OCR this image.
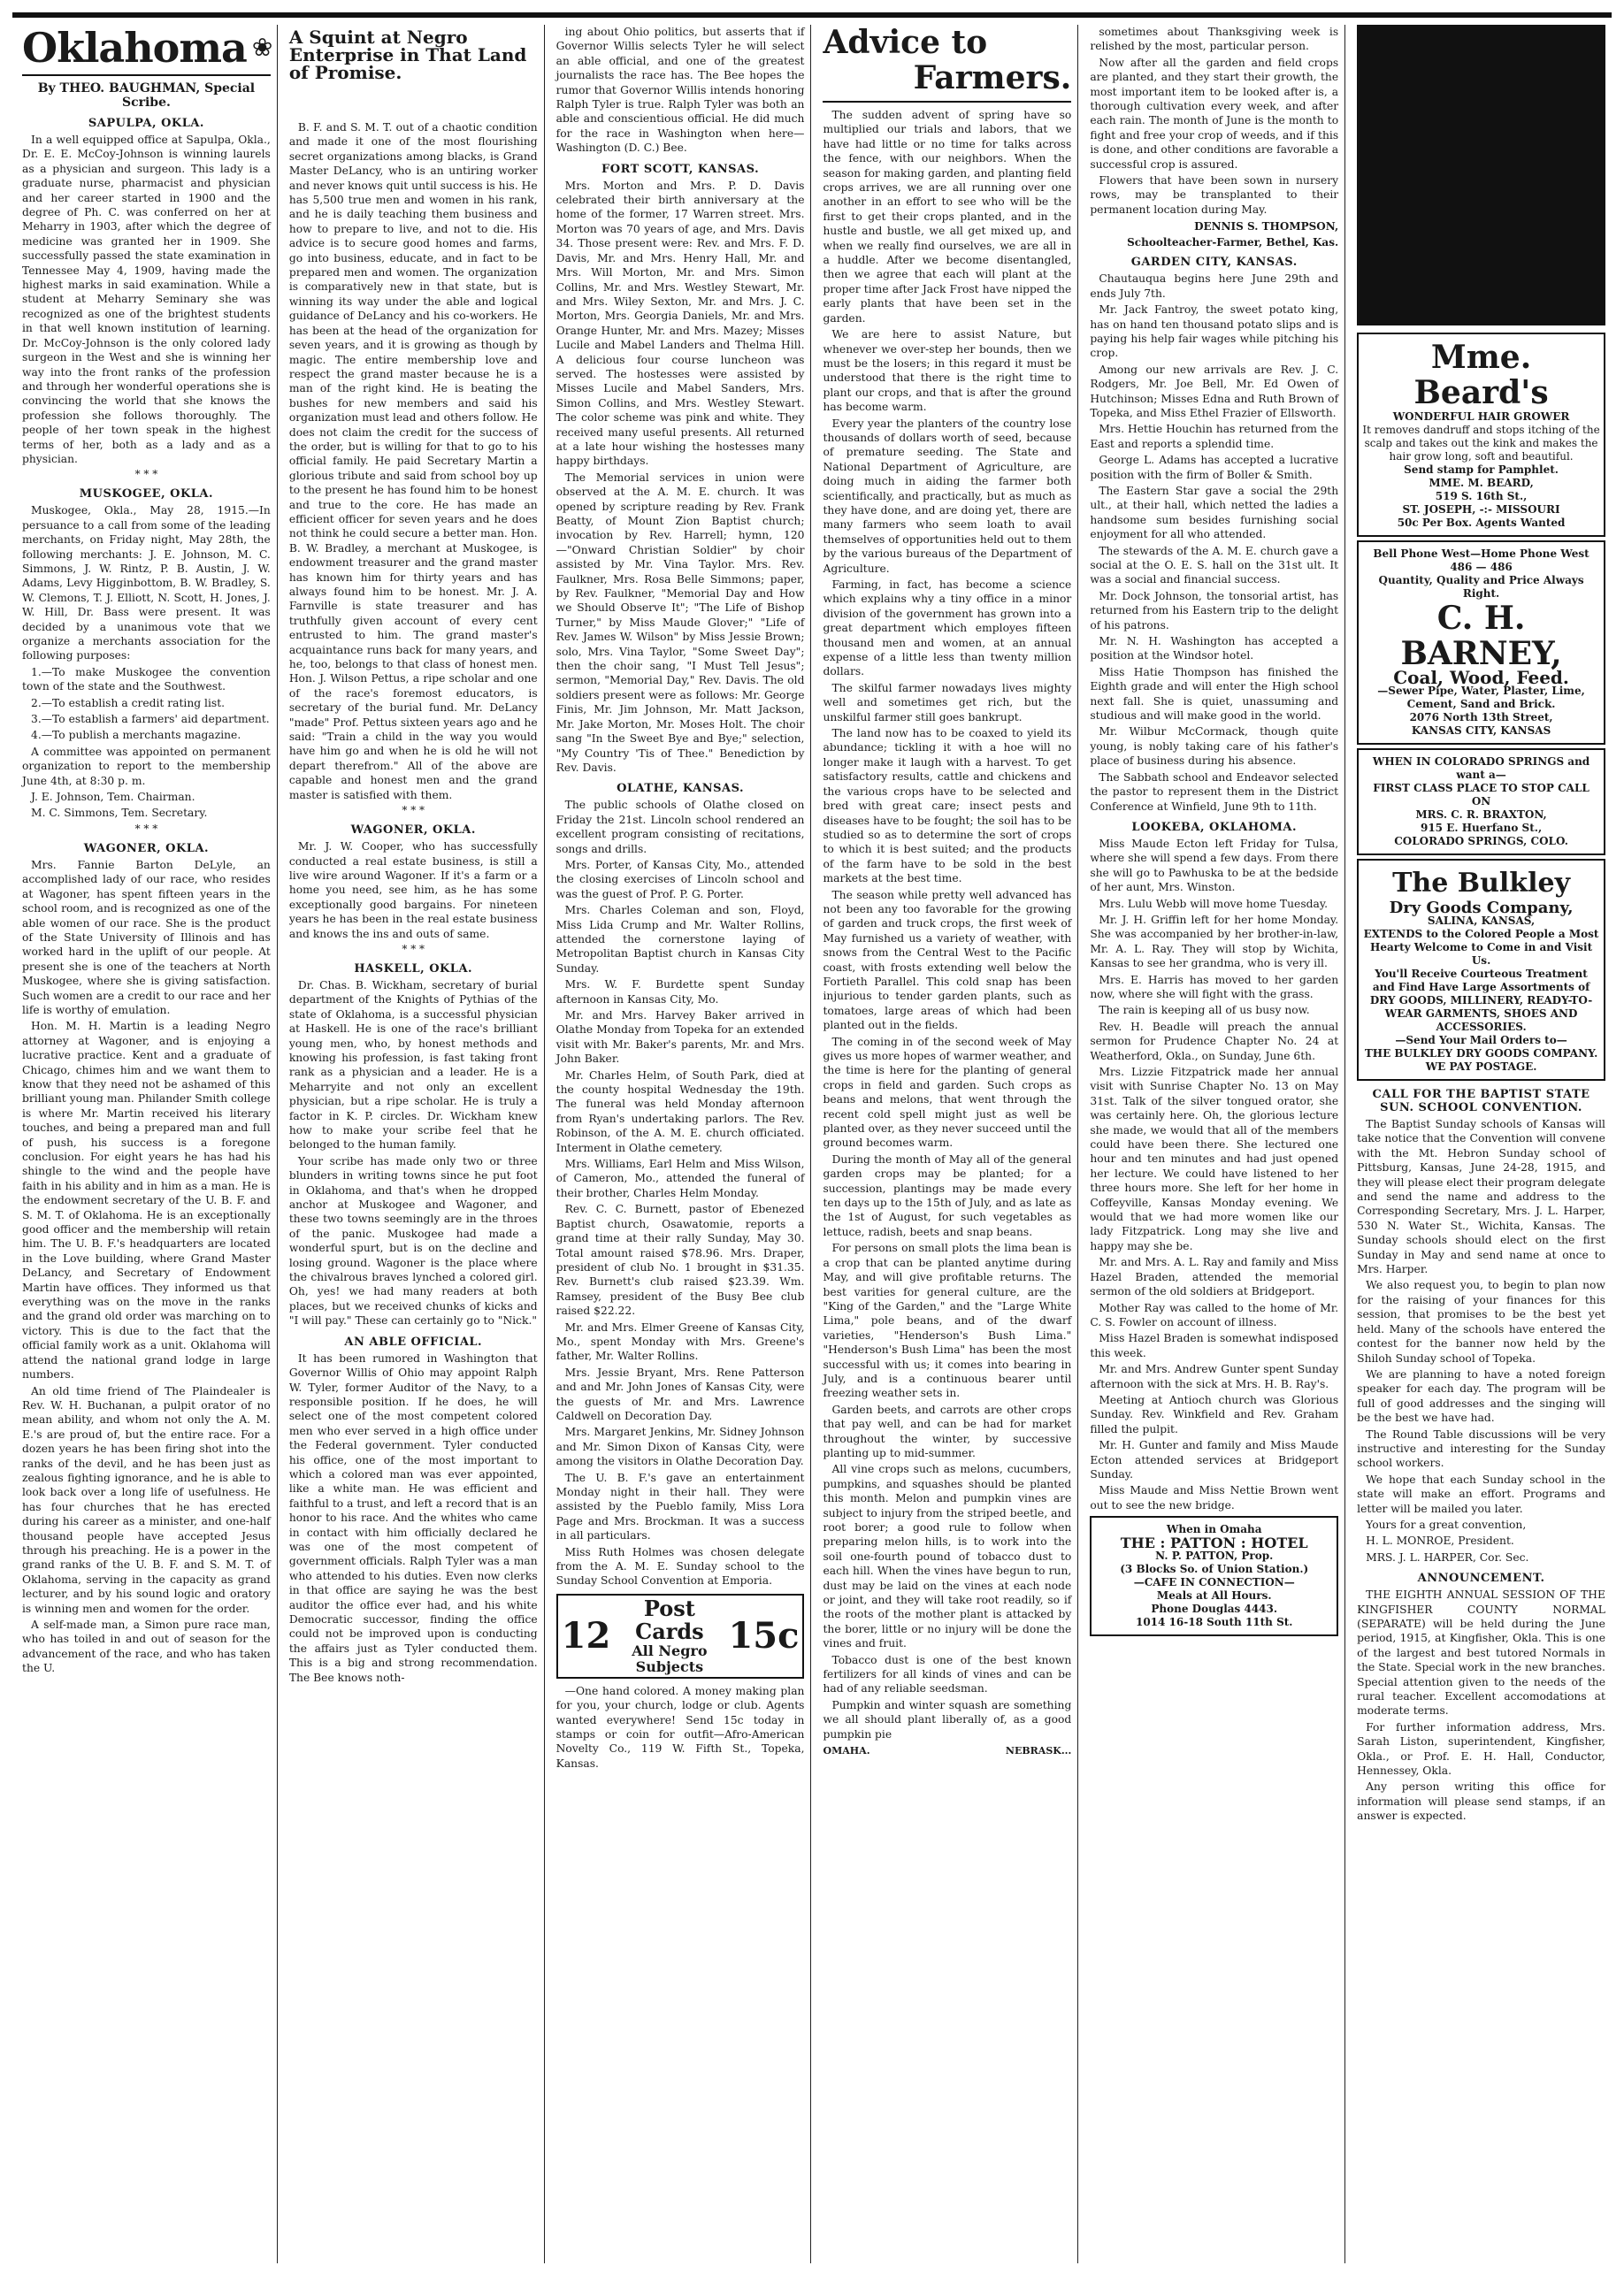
Oklahoma ❀
By THEO. BAUGHMAN, Special Scribe.
SAPULPA, OKLA.

In a well equipped office at Sapulpa, Okla., Dr. E. E. McCoy-Johnson is winning laurels as a physician and surgeon. This lady is a graduate nurse, pharmacist and physician and her career started in 1900 and the degree of Ph. C. was conferred on her at Meharry in 1903, after which the degree of medicine was granted her in 1909. She successfully passed the state examination in Tennessee May 4, 1909, having made the highest marks in said examination. While a student at Meharry Seminary she was recognized as one of the brightest students in that well known institution of learning. Dr. McCoy-Johnson is the only colored lady surgeon in the West and she is winning her way into the front ranks of the profession and through her wonderful operations she is convincing the world that she knows the profession she follows thoroughly. The people of her town speak in the highest terms of her, both as a lady and as a physician.

* * *
MUSKOGEE, OKLA.

Muskogee, Okla., May 28, 1915.—In persuance to a call from some of the leading merchants, on Friday night, May 28th, the following merchants: J. E. Johnson, M. C. Simmons, J. W. Rintz, P. B. Austin, J. W. Adams, Levy Higginbottom, B. W. Bradley, S. W. Clemons, T. J. Elliott, N. Scott, H. Jones, J. W. Hill, Dr. Bass were present. It was decided by a unanimous vote that we organize a merchants association for the following purposes:

1.—To make Muskogee the convention town of the state and the Southwest.

2.—To establish a credit rating list.

3.—To establish a farmers' aid department.

4.—To publish a merchants magazine.

A committee was appointed on permanent organization to report to the membership June 4th, at 8:30 p. m.

J. E. Johnson, Tem. Chairman.

M. C. Simmons, Tem. Secretary.

* * *
WAGONER, OKLA.

Mrs. Fannie Barton DeLyle, an accomplished lady of our race, who resides at Wagoner, has spent fifteen years in the school room, and is recognized as one of the able women of our race. She is the product of the State University of Illinois and has worked hard in the uplift of our people. At present she is one of the teachers at North Muskogee, where she is giving satisfaction. Such women are a credit to our race and her life is worthy of emulation.

Hon. M. H. Martin is a leading Negro attorney at Wagoner, and is enjoying a lucrative practice. Kent and a graduate of Chicago, chimes him and we want them to know that they need not be ashamed of this brilliant young man. Philander Smith college is where Mr. Martin received his literary touches, and being a prepared man and full of push, his success is a foregone conclusion. For eight years he has had his shingle to the wind and the people have faith in his ability and in him as a man. He is the endowment secretary of the U. B. F. and S. M. T. of Oklahoma. He is an exceptionally good officer and the membership will retain him. The U. B. F.'s headquarters are located in the Love building, where Grand Master DeLancy, and Secretary of Endowment Martin have offices. They informed us that everything was on the move in the ranks and the grand old order was marching on to victory. This is due to the fact that the official family work as a unit. Oklahoma will attend the national grand lodge in large numbers.

An old time friend of The Plaindealer is Rev. W. H. Buchanan, a pulpit orator of no mean ability, and whom not only the A. M. E.'s are proud of, but the entire race. For a dozen years he has been firing shot into the ranks of the devil, and he has been just as zealous fighting ignorance, and he is able to look back over a long life of usefulness. He has four churches that he has erected during his career as a minister, and one-half thousand people have accepted Jesus through his preaching. He is a power in the grand ranks of the U. B. F. and S. M. T. of Oklahoma, serving in the capacity as grand lecturer, and by his sound logic and oratory is winning men and women for the order.

A self-made man, a Simon pure race man, who has toiled in and out of season for the advancement of the race, and who has taken the U.

A Squint at Negro Enterprise in That Land of Promise.

B. F. and S. M. T. out of a chaotic condition and made it one of the most flourishing secret organizations among blacks, is Grand Master DeLancy, who is an untiring worker and never knows quit until success is his. He has 5,500 true men and women in his rank, and he is daily teaching them business and how to prepare to live, and not to die. His advice is to secure good homes and farms, go into business, educate, and in fact to be prepared men and women. The organization is comparatively new in that state, but is winning its way under the able and logical guidance of DeLancy and his co-workers. He has been at the head of the organization for seven years, and it is growing as though by magic. The entire membership love and respect the grand master because he is a man of the right kind. He is beating the bushes for new members and said his organization must lead and others follow. He does not claim the credit for the success of the order, but is willing for that to go to his official family. He paid Secretary Martin a glorious tribute and said from school boy up to the present he has found him to be honest and true to the core. He has made an efficient officer for seven years and he does not think he could secure a better man. Hon. B. W. Bradley, a merchant at Muskogee, is endowment treasurer and the grand master has known him for thirty years and has always found him to be honest. Mr. J. A. Farnville is state treasurer and has truthfully given account of every cent entrusted to him. The grand master's acquaintance runs back for many years, and he, too, belongs to that class of honest men. Hon. J. Wilson Pettus, a ripe scholar and one of the race's foremost educators, is secretary of the burial fund. Mr. DeLancy "made" Prof. Pettus sixteen years ago and he said: "Train a child in the way you would have him go and when he is old he will not depart therefrom." All of the above are capable and honest men and the grand master is satisfied with them.

* * *
WAGONER, OKLA.

Mr. J. W. Cooper, who has successfully conducted a real estate business, is still a live wire around Wagoner. If it's a farm or a home you need, see him, as he has some exceptionally good bargains. For nineteen years he has been in the real estate business and knows the ins and outs of same.

* * *
HASKELL, OKLA.

Dr. Chas. B. Wickham, secretary of burial department of the Knights of Pythias of the state of Oklahoma, is a successful physician at Haskell. He is one of the race's brilliant young men, who, by honest methods and knowing his profession, is fast taking front rank as a physician and a leader. He is a Meharryite and not only an excellent physician, but a ripe scholar. He is truly a factor in K. P. circles. Dr. Wickham knew how to make your scribe feel that he belonged to the human family.

Your scribe has made only two or three blunders in writing towns since he put foot in Oklahoma, and that's when he dropped anchor at Muskogee and Wagoner, and these two towns seemingly are in the throes of the panic. Muskogee had made a wonderful spurt, but is on the decline and losing ground. Wagoner is the place where the chivalrous braves lynched a colored girl. Oh, yes! we had many readers at both places, but we received chunks of kicks and "I will pay." These can certainly go to "Nick."

AN ABLE OFFICIAL.

It has been rumored in Washington that Governor Willis of Ohio may appoint Ralph W. Tyler, former Auditor of the Navy, to a responsible position. If he does, he will select one of the most competent colored men who ever served in a high office under the Federal government. Tyler conducted his office, one of the most important to which a colored man was ever appointed, like a white man. He was efficient and faithful to a trust, and left a record that is an honor to his race. And the whites who came in contact with him officially declared he was one of the most competent of government officials. Ralph Tyler was a man who attended to his duties. Even now clerks in that office are saying he was the best auditor the office ever had, and his white Democratic successor, finding the office could not be improved upon is conducting the affairs just as Tyler conducted them. This is a big and strong recommendation. The Bee knows noth-

ing about Ohio politics, but asserts that if Governor Willis selects Tyler he will select an able official, and one of the greatest journalists the race has. The Bee hopes the rumor that Governor Willis intends honoring Ralph Tyler is true. Ralph Tyler was both an able and conscientious official. He did much for the race in Washington when here—Washington (D. C.) Bee.

FORT SCOTT, KANSAS.

Mrs. Morton and Mrs. P. D. Davis celebrated their birth anniversary at the home of the former, 17 Warren street. Mrs. Morton was 70 years of age, and Mrs. Davis 34. Those present were: Rev. and Mrs. F. D. Davis, Mr. and Mrs. Henry Hall, Mr. and Mrs. Will Morton, Mr. and Mrs. Simon Collins, Mr. and Mrs. Westley Stewart, Mr. and Mrs. Wiley Sexton, Mr. and Mrs. J. C. Morton, Mrs. Georgia Daniels, Mr. and Mrs. Orange Hunter, Mr. and Mrs. Mazey; Misses Lucile and Mabel Landers and Thelma Hill. A delicious four course luncheon was served. The hostesses were assisted by Misses Lucile and Mabel Sanders, Mrs. Simon Collins, and Mrs. Westley Stewart. The color scheme was pink and white. They received many useful presents. All returned at a late hour wishing the hostesses many happy birthdays.

The Memorial services in union were observed at the A. M. E. church. It was opened by scripture reading by Rev. Frank Beatty, of Mount Zion Baptist church; invocation by Rev. Harrell; hymn, 120—"Onward Christian Soldier" by choir assisted by Mr. Vina Taylor. Mrs. Rev. Faulkner, Mrs. Rosa Belle Simmons; paper, by Rev. Faulkner, "Memorial Day and How we Should Observe It"; "The Life of Bishop Turner," by Miss Maude Glover;" "Life of Rev. James W. Wilson" by Miss Jessie Brown; solo, Mrs. Vina Taylor, "Some Sweet Day"; then the choir sang, "I Must Tell Jesus"; sermon, "Memorial Day," Rev. Davis. The old soldiers present were as follows: Mr. George Finis, Mr. Jim Johnson, Mr. Matt Jackson, Mr. Jake Morton, Mr. Moses Holt. The choir sang "In the Sweet Bye and Bye;" selection, "My Country 'Tis of Thee." Benediction by Rev. Davis.

OLATHE, KANSAS.

The public schools of Olathe closed on Friday the 21st. Lincoln school rendered an excellent program consisting of recitations, songs and drills.

Mrs. Porter, of Kansas City, Mo., attended the closing exercises of Lincoln school and was the guest of Prof. P. G. Porter.

Mrs. Charles Coleman and son, Floyd, Miss Lida Crump and Mr. Walter Rollins, attended the cornerstone laying of Metropolitan Baptist church in Kansas City Sunday.

Mrs. W. F. Burdette spent Sunday afternoon in Kansas City, Mo.

Mr. and Mrs. Harvey Baker arrived in Olathe Monday from Topeka for an extended visit with Mr. Baker's parents, Mr. and Mrs. John Baker.

Mr. Charles Helm, of South Park, died at the county hospital Wednesday the 19th. The funeral was held Monday afternoon from Ryan's undertaking parlors. The Rev. Robinson, of the A. M. E. church officiated. Interment in Olathe cemetery.

Mrs. Williams, Earl Helm and Miss Wilson, of Cameron, Mo., attended the funeral of their brother, Charles Helm Monday.

Rev. C. C. Burnett, pastor of Ebenezed Baptist church, Osawatomie, reports a grand time at their rally Sunday, May 30. Total amount raised $78.96. Mrs. Draper, president of club No. 1 brought in $31.35. Rev. Burnett's club raised $23.39. Wm. Ramsey, president of the Busy Bee club raised $22.22.

Mr. and Mrs. Elmer Greene of Kansas City, Mo., spent Monday with Mrs. Greene's father, Mr. Walter Rollins.

Mrs. Jessie Bryant, Mrs. Rene Patterson and and Mr. John Jones of Kansas City, were the guests of Mr. and Mrs. Lawrence Caldwell on Decoration Day.

Mrs. Margaret Jenkins, Mr. Sidney Johnson and Mr. Simon Dixon of Kansas City, were among the visitors in Olathe Decoration Day.

The U. B. F.'s gave an entertainment Monday night in their hall. They were assisted by the Pueblo family, Miss Lora Page and Mrs. Brockman. It was a success in all particulars.

Miss Ruth Holmes was chosen delegate from the A. M. E. Sunday school to the Sunday School Convention at Emporia.

12
Post Cards
All Negro Subjects
15c

—One hand colored. A money making plan for you, your church, lodge or club. Agents wanted everywhere! Send 15c today in stamps or coin for outfit—Afro-American Novelty Co., 119 W. Fifth St., Topeka, Kansas.

Advice to
Farmers.

The sudden advent of spring have so multiplied our trials and labors, that we have had little or no time for talks across the fence, with our neighbors. When the season for making garden, and planting field crops arrives, we are all running over one another in an effort to see who will be the first to get their crops planted, and in the hustle and bustle, we all get mixed up, and when we really find ourselves, we are all in a huddle. After we become disentangled, then we agree that each will plant at the proper time after Jack Frost have nipped the early plants that have been set in the garden.

We are here to assist Nature, but whenever we over-step her bounds, then we must be the losers; in this regard it must be understood that there is the right time to plant our crops, and that is after the ground has become warm.

Every year the planters of the country lose thousands of dollars worth of seed, because of premature seeding. The State and National Department of Agriculture, are doing much in aiding the farmer both scientifically, and practically, but as much as they have done, and are doing yet, there are many farmers who seem loath to avail themselves of opportunities held out to them by the various bureaus of the Department of Agriculture.

Farming, in fact, has become a science which explains why a tiny office in a minor division of the government has grown into a great department which employes fifteen thousand men and women, at an annual expense of a little less than twenty million dollars.

The skilful farmer nowadays lives mighty well and sometimes get rich, but the unskilful farmer still goes bankrupt.

The land now has to be coaxed to yield its abundance; tickling it with a hoe will no longer make it laugh with a harvest. To get satisfactory results, cattle and chickens and the various crops have to be selected and bred with great care; insect pests and diseases have to be fought; the soil has to be studied so as to determine the sort of crops to which it is best suited; and the products of the farm have to be sold in the best markets at the best time.

The season while pretty well advanced has not been any too favorable for the growing of garden and truck crops, the first week of May furnished us a variety of weather, with snows from the Central West to the Pacific coast, with frosts extending well below the Fortieth Parallel. This cold snap has been injurious to tender garden plants, such as tomatoes, large areas of which had been planted out in the fields.

The coming in of the second week of May gives us more hopes of warmer weather, and the time is here for the planting of general crops in field and garden. Such crops as beans and melons, that went through the recent cold spell might just as well be planted over, as they never succeed until the ground becomes warm.

During the month of May all of the general garden crops may be planted; for a succession, plantings may be made every ten days up to the 15th of July, and as late as the 1st of August, for such vegetables as lettuce, radish, beets and snap beans.

For persons on small plots the lima bean is a crop that can be planted anytime during May, and will give profitable returns. The best varities for general culture, are the "King of the Garden," and the "Large White Lima," pole beans, and of the dwarf varieties, "Henderson's Bush Lima." "Henderson's Bush Lima" has been the most successful with us; it comes into bearing in July, and is a continuous bearer until freezing weather sets in.

Garden beets, and carrots are other crops that pay well, and can be had for market throughout the winter, by successive planting up to mid-summer.

All vine crops such as melons, cucumbers, pumpkins, and squashes should be planted this month. Melon and pumpkin vines are subject to injury from the striped beetle, and root borer; a good rule to follow when preparing melon hills, is to work into the soil one-fourth pound of tobacco dust to each hill. When the vines have begun to run, dust may be laid on the vines at each node or joint, and they will take root readily, so if the roots of the mother plant is attacked by the borer, little or no injury will be done the vines and fruit.

Tobacco dust is one of the best known fertilizers for all kinds of vines and can be had of any reliable seedsman.

Pumpkin and winter squash are something we all should plant liberally of, as a good pumpkin pie

OMAHA.	NEBRASK...

sometimes about Thanksgiving week is relished by the most, particular person.

Now after all the garden and field crops are planted, and they start their growth, the most important item to be looked after is, a thorough cultivation every week, and after each rain. The month of June is the month to fight and free your crop of weeds, and if this is done, and other conditions are favorable a successful crop is assured.

Flowers that have been sown in nursery rows, may be transplanted to their permanent location during May.

DENNIS S. THOMPSON,
Schoolteacher-Farmer, Bethel, Kas.
GARDEN CITY, KANSAS.

Chautauqua begins here June 29th and ends July 7th.

Mr. Jack Fantroy, the sweet potato king, has on hand ten thousand potato slips and is paying his help fair wages while pitching his crop.

Among our new arrivals are Rev. J. C. Rodgers, Mr. Joe Bell, Mr. Ed Owen of Hutchinson; Misses Edna and Ruth Brown of Topeka, and Miss Ethel Frazier of Ellsworth.

Mrs. Hettie Houchin has returned from the East and reports a splendid time.

George L. Adams has accepted a lucrative position with the firm of Boller & Smith.

The Eastern Star gave a social the 29th ult., at their hall, which netted the ladies a handsome sum besides furnishing social enjoyment for all who attended.

The stewards of the A. M. E. church gave a social at the O. E. S. hall on the 31st ult. It was a social and financial success.

Mr. Dock Johnson, the tonsorial artist, has returned from his Eastern trip to the delight of his patrons.

Mr. N. H. Washington has accepted a position at the Windsor hotel.

Miss Hatie Thompson has finished the Eighth grade and will enter the High school next fall. She is quiet, unassuming and studious and will make good in the world.

Mr. Wilbur McCormack, though quite young, is nobly taking care of his father's place of business during his absence.

The Sabbath school and Endeavor selected the pastor to represent them in the District Conference at Winfield, June 9th to 11th.

LOOKEBA, OKLAHOMA.

Miss Maude Ecton left Friday for Tulsa, where she will spend a few days. From there she will go to Pawhuska to be at the bedside of her aunt, Mrs. Winston.

Mrs. Lulu Webb will move home Tuesday.

Mr. J. H. Griffin left for her home Monday. She was accompanied by her brother-in-law, Mr. A. L. Ray. They will stop by Wichita, Kansas to see her grandma, who is very ill.

Mrs. E. Harris has moved to her garden now, where she will fight with the grass.

The rain is keeping all of us busy now.

Rev. H. Beadle will preach the annual sermon for Prudence Chapter No. 24 at Weatherford, Okla., on Sunday, June 6th.

Mrs. Lizzie Fitzpatrick made her annual visit with Sunrise Chapter No. 13 on May 31st. Talk of the silver tongued orator, she was certainly here. Oh, the glorious lecture she made, we would that all of the members could have been there. She lectured one hour and ten minutes and had just opened her lecture. We could have listened to her three hours more. She left for her home in Coffeyville, Kansas Monday evening. We would that we had more women like our lady Fitzpatrick. Long may she live and happy may she be.

Mr. and Mrs. A. L. Ray and family and Miss Hazel Braden, attended the memorial sermon of the old soldiers at Bridgeport.

Mother Ray was called to the home of Mr. C. S. Fowler on account of illness.

Miss Hazel Braden is somewhat indisposed this week.

Mr. and Mrs. Andrew Gunter spent Sunday afternoon with the sick at Mrs. H. B. Ray's.

Meeting at Antioch church was Glorious Sunday. Rev. Winkfield and Rev. Graham filled the pulpit.

Mr. H. Gunter and family and Miss Maude Ecton attended services at Bridgeport Sunday.

Miss Maude and Miss Nettie Brown went out to see the new bridge.

When in Omaha
THE : PATTON : HOTEL
N. P. PATTON, Prop.
(3 Blocks So. of Union Station.)
—CAFE IN CONNECTION—
Meals at All Hours.
Phone Douglas 4443.
1014 16-18 South 11th St.
Mme. Beard's
WONDERFUL HAIR GROWER
It removes dandruff and stops itching of the scalp and takes out the kink and makes the hair grow long, soft and beautiful.
Send stamp for Pamphlet.
MME. M. BEARD,
519 S. 16th St.,
ST. JOSEPH, -:- MISSOURI
50c Per Box. Agents Wanted
Bell Phone West—Home Phone West 486 — 486
Quantity, Quality and Price Always Right.
C. H. BARNEY,
Coal, Wood, Feed.
—Sewer Pipe, Water, Plaster, Lime, Cement, Sand and Brick.
2076 North 13th Street,
KANSAS CITY, KANSAS
WHEN IN COLORADO SPRINGS and want a—
FIRST CLASS PLACE TO STOP CALL ON
MRS. C. R. BRAXTON,
915 E. Huerfano St.,
COLORADO SPRINGS, COLO.
The Bulkley
Dry Goods Company,
SALINA, KANSAS,
EXTENDS to the Colored People a Most Hearty Welcome to Come in and Visit Us.
You'll Receive Courteous Treatment and Find Have Large Assortments of
DRY GOODS, MILLINERY, READY-TO-WEAR GARMENTS, SHOES AND ACCESSORIES.
—Send Your Mail Orders to—
THE BULKLEY DRY GOODS COMPANY.
WE PAY POSTAGE.
CALL FOR THE BAPTIST STATE SUN. SCHOOL CONVENTION.

The Baptist Sunday schools of Kansas will take notice that the Convention will convene with the Mt. Hebron Sunday school of Pittsburg, Kansas, June 24-28, 1915, and they will please elect their program delegate and send the name and address to the Corresponding Secretary, Mrs. J. L. Harper, 530 N. Water St., Wichita, Kansas. The Sunday schools should elect on the first Sunday in May and send name at once to Mrs. Harper.

We also request you, to begin to plan now for the raising of your finances for this session, that promises to be the best yet held. Many of the schools have entered the contest for the banner now held by the Shiloh Sunday school of Topeka.

We are planning to have a noted foreign speaker for each day. The program will be full of good addresses and the singing will be the best we have had.

The Round Table discussions will be very instructive and interesting for the Sunday school workers.

We hope that each Sunday school in the state will make an effort. Programs and letter will be mailed you later.

Yours for a great convention,

H. L. MONROE, President.

MRS. J. L. HARPER, Cor. Sec.

ANNOUNCEMENT.

THE EIGHTH ANNUAL SESSION OF THE KINGFISHER COUNTY NORMAL (SEPARATE) will be held during the June period, 1915, at Kingfisher, Okla. This is one of the largest and best tutored Normals in the State. Special work in the new branches. Special attention given to the needs of the rural teacher. Excellent accomodations at moderate terms.

For further information address, Mrs. Sarah Liston, superintendent, Kingfisher, Okla., or Prof. E. H. Hall, Conductor, Hennessey, Okla.

Any person writing this office for information will please send stamps, if an answer is expected.
